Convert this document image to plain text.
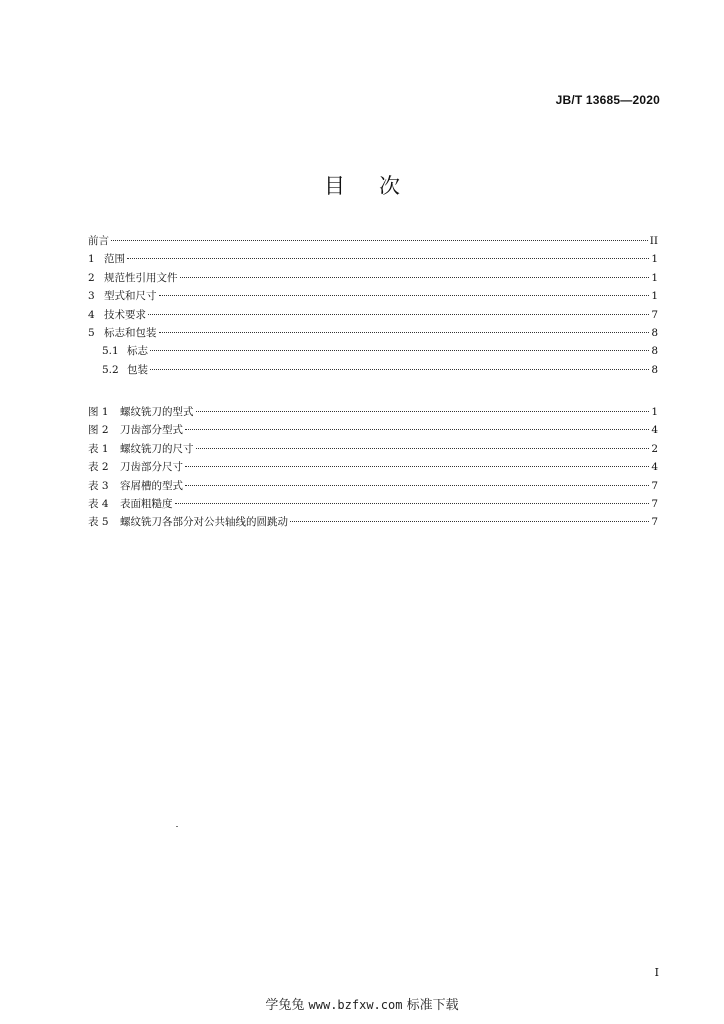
JB/T 13685—2020
目 次
前言	II
1 范围	1
2 规范性引用文件	1
3 型式和尺寸	1
4 技术要求	7
5 标志和包装	8
5.1 标志	8
5.2 包装	8
图 1	螺纹铣刀的型式	1
图 2	刀齿部分型式	4
表 1	螺纹铣刀的尺寸	2
表 2	刀齿部分尺寸	4
表 3	容屑槽的型式	7
表 4	表面粗糙度	7
表 5	螺纹铣刀各部分对公共轴线的圆跳动	7
I
学兔兔 www.bzfxw.com 标准下载
